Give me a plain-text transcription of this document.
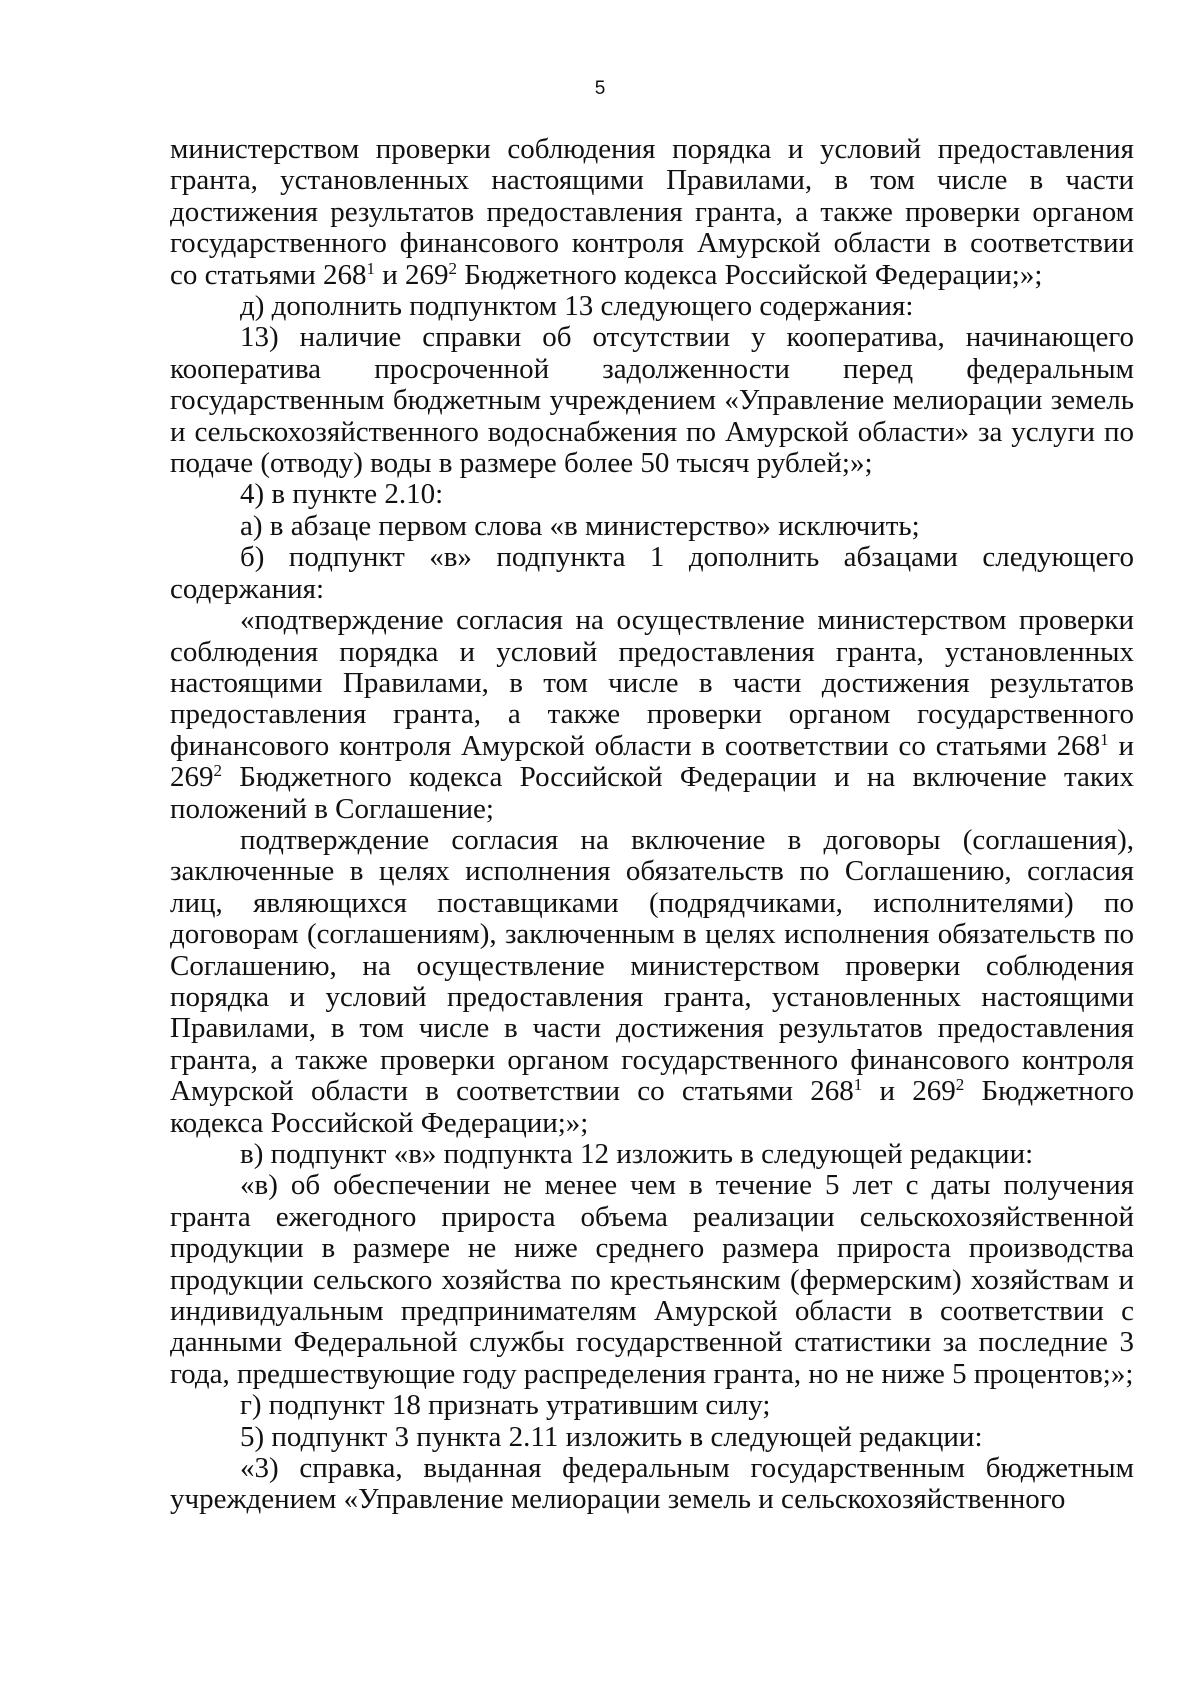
5

министерством проверки соблюдения порядка и условий предоставления гранта, установленных настоящими Правилами, в том числе в части достижения результатов предоставления гранта, а также проверки органом государственного финансового контроля Амурской области в соответствии со статьями $268^1$ и $269^2$ Бюджетного кодекса Российской Федерации;»;

д) дополнить подпунктом 13 следующего содержания:

13) наличие справки об отсутствии у кооператива, начинающего кооператива просроченной задолженности перед федеральным государственным бюджетным учреждением «Управление мелиорации земель и сельскохозяйственного водоснабжения по Амурской области» за услуги по подаче (отводу) воды в размере более 50 тысяч рублей;»;

4) в пункте 2.10:

а) в абзаце первом слова «в министерство» исключить;

б) подпункт «в» подпункта 1 дополнить абзацами следующего содержания:

«подтверждение согласия на осуществление министерством проверки соблюдения порядка и условий предоставления гранта, установленных настоящими Правилами, в том числе в части достижения результатов предоставления гранта, а также проверки органом государственного финансового контроля Амурской области в соответствии со статьями $268^1$ и $269^2$ Бюджетного кодекса Российской Федерации и на включение таких положений в Соглашение;

подтверждение согласия на включение в договоры (соглашения), заключенные в целях исполнения обязательств по Соглашению, согласия лиц, являющихся поставщиками (подрядчиками, исполнителями) по договорам (соглашениям), заключенным в целях исполнения обязательств по Соглашению, на осуществление министерством проверки соблюдения порядка и условий предоставления гранта, установленных настоящими Правилами, в том числе в части достижения результатов предоставления гранта, а также проверки органом государственного финансового контроля Амурской области в соответствии со статьями $268^1$ и $269^2$ Бюджетного кодекса Российской Федерации;»;

в) подпункт «в» подпункта 12 изложить в следующей редакции:

«в) об обеспечении не менее чем в течение 5 лет с даты получения гранта ежегодного прироста объема реализации сельскохозяйственной продукции в размере не ниже среднего размера прироста производства продукции сельского хозяйства по крестьянским (фермерским) хозяйствам и индивидуальным предпринимателям Амурской области в соответствии с данными Федеральной службы государственной статистики за последние 3 года, предшествующие году распределения гранта, но не ниже 5 процентов;»;

г) подпункт 18 признать утратившим силу;

5) подпункт 3 пункта 2.11 изложить в следующей редакции:

«3) справка, выданная федеральным государственным бюджетным учреждением «Управление мелиорации земель и сельскохозяйственного
